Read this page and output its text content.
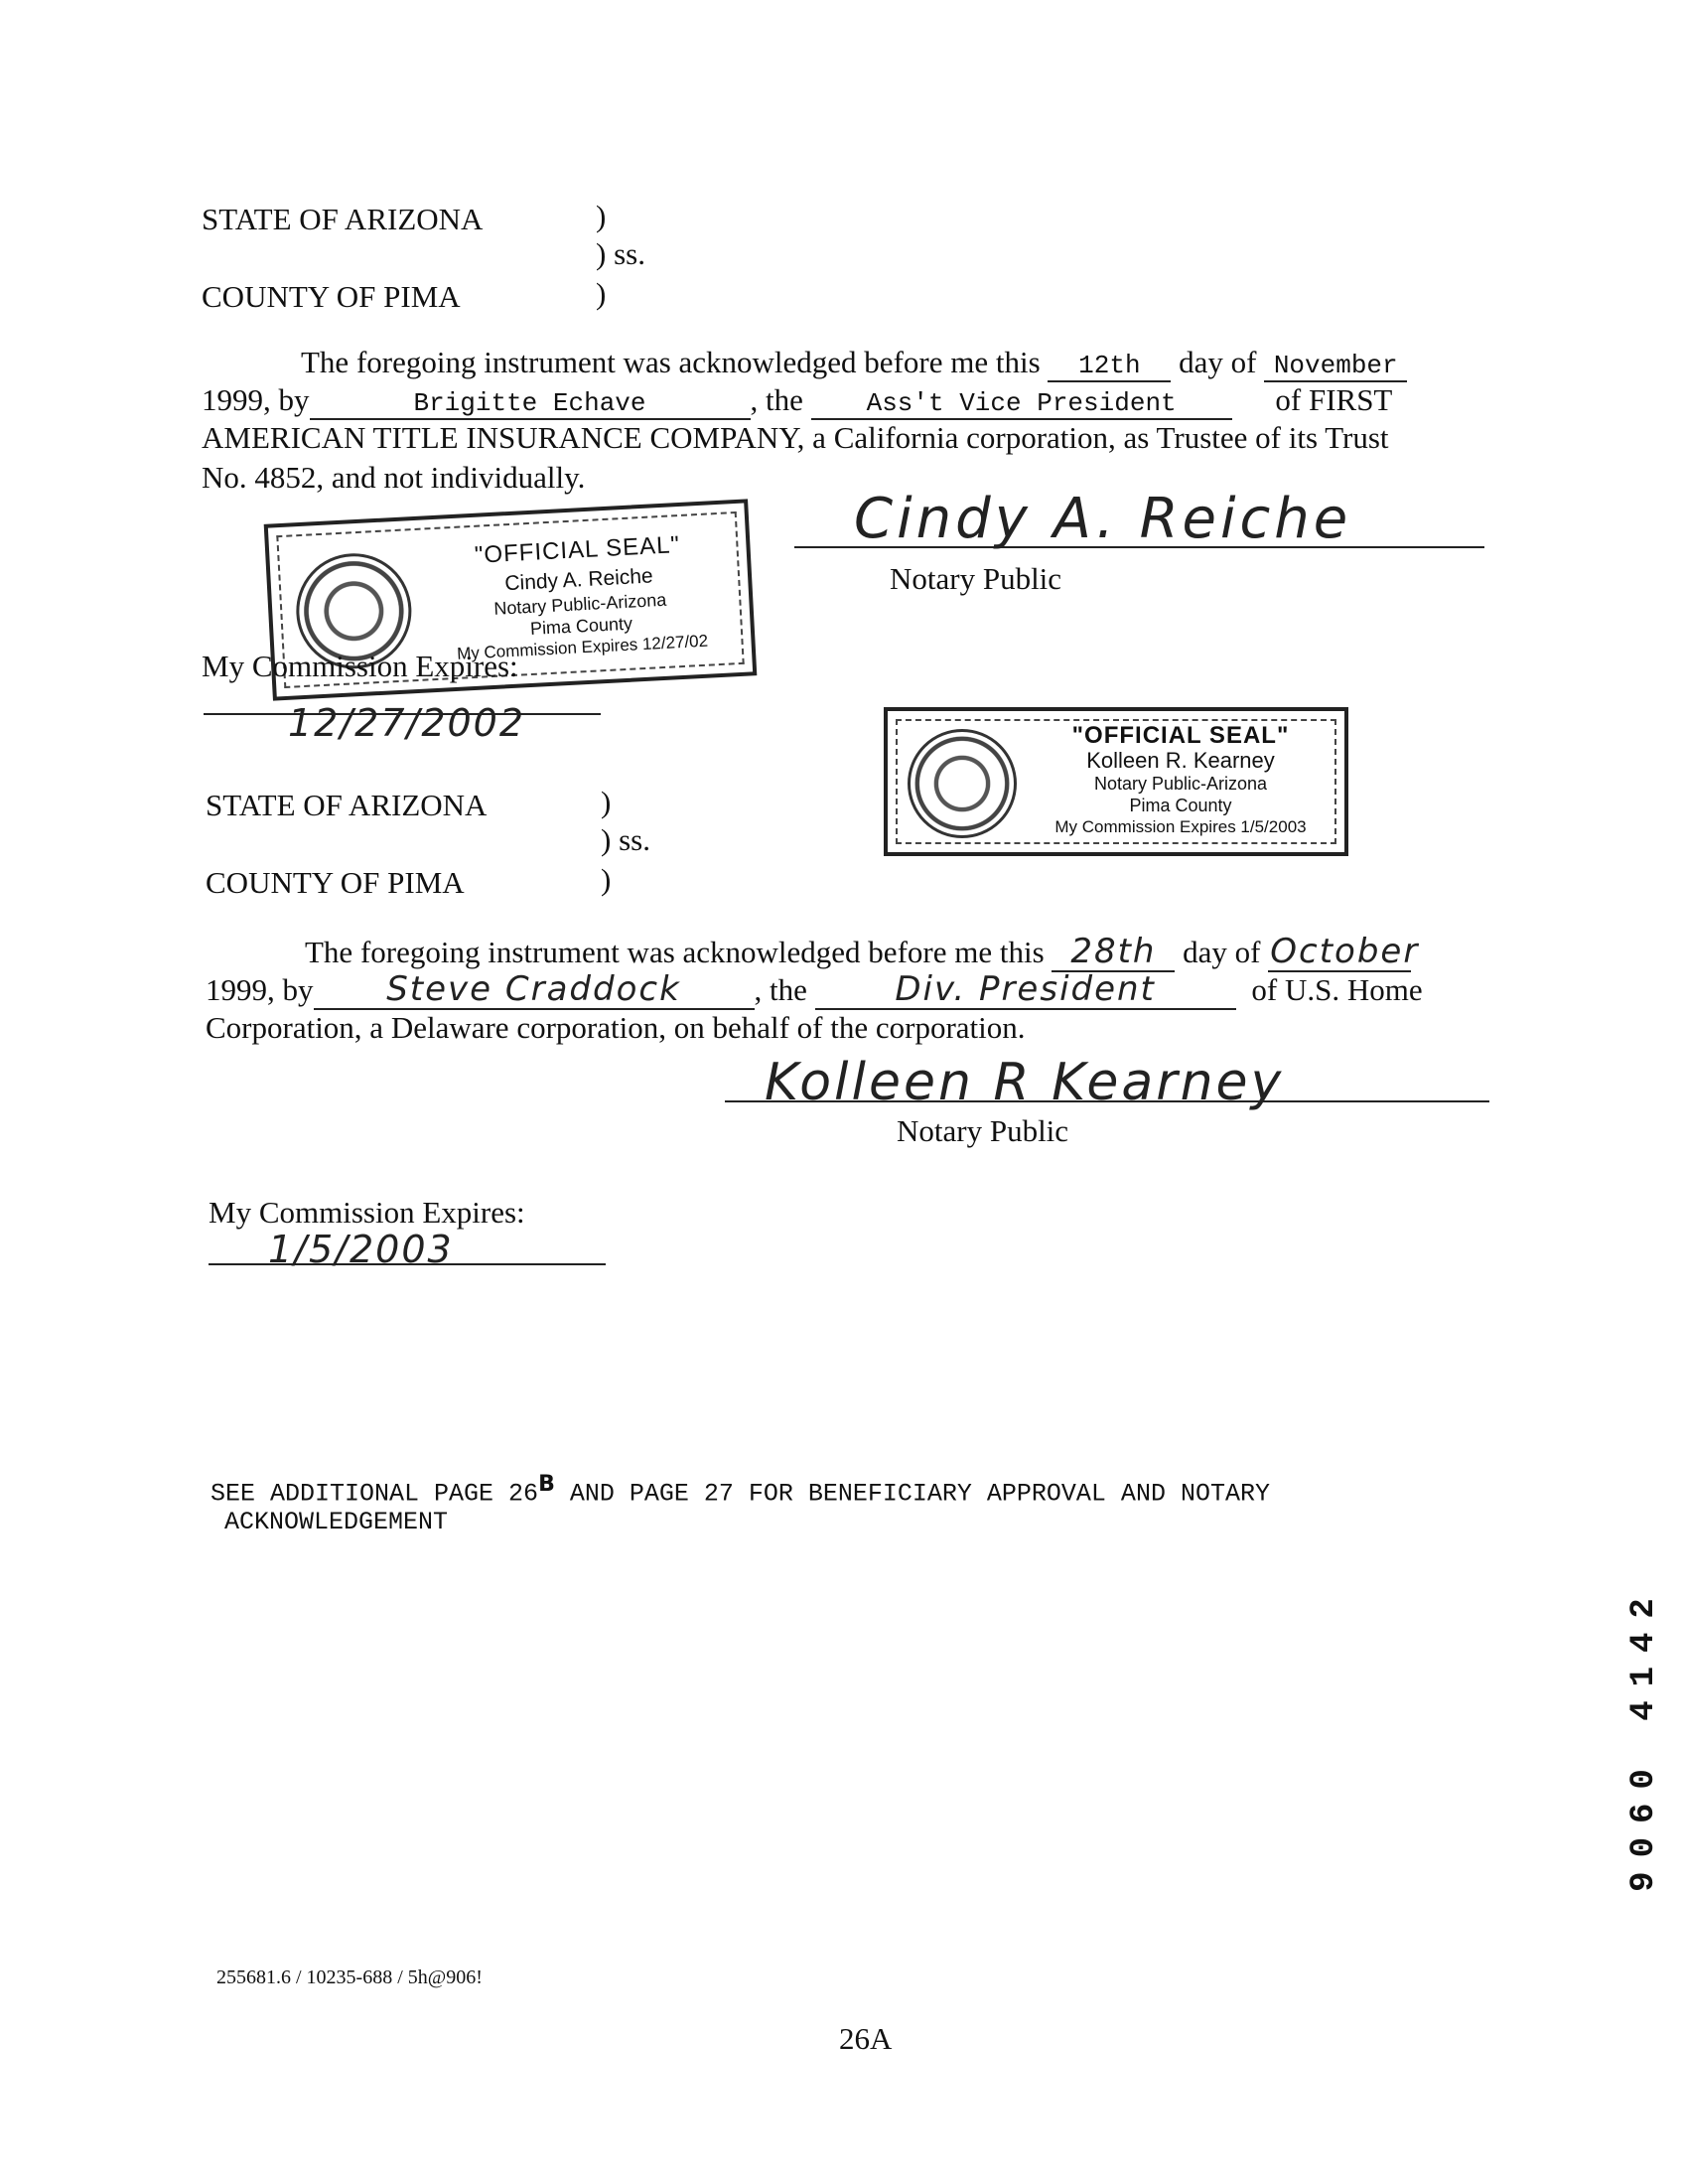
STATE OF ARIZONA	)
) ss.
COUNTY OF PIMA	)
The foregoing instrument was acknowledged before me this 12th day of November
1999, by	Brigitte Echave	, the Ass't Vice President	of FIRST
AMERICAN TITLE INSURANCE COMPANY, a California corporation, as Trustee of its Trust
No. 4852, and not individually.
Cindy A. Reiche
Notary Public
"OFFICIAL SEAL"
Cindy A. Reiche
Notary Public-Arizona
Pima County
My Commission Expires 12/27/02
My Commission Expires:
12/27/2002	"OFFICIAL SEAL"
Kolleen R. Kearney
Notary Public-Arizona
Pima County
My Commission Expires 1/5/2003
STATE OF ARIZONA	)
) ss.
COUNTY OF PIMA	)
The foregoing instrument was acknowledged before me this 28th day of October
1999, by Steve Craddock , the	Div. President	of U.S. Home
Corporation, a Delaware corporation, on behalf of the corporation.
Kolleen R Kearney
Notary Public
My Commission Expires:
1/5/2003
SEE ADDITIONAL PAGE $26^B$ AND PAGE 27 FOR BENEFICIARY APPROVAL AND NOTARY
ACKNOWLEDGEMENT
255681.6 / 10235-688 / 5h@906!
26A
9060 4142
